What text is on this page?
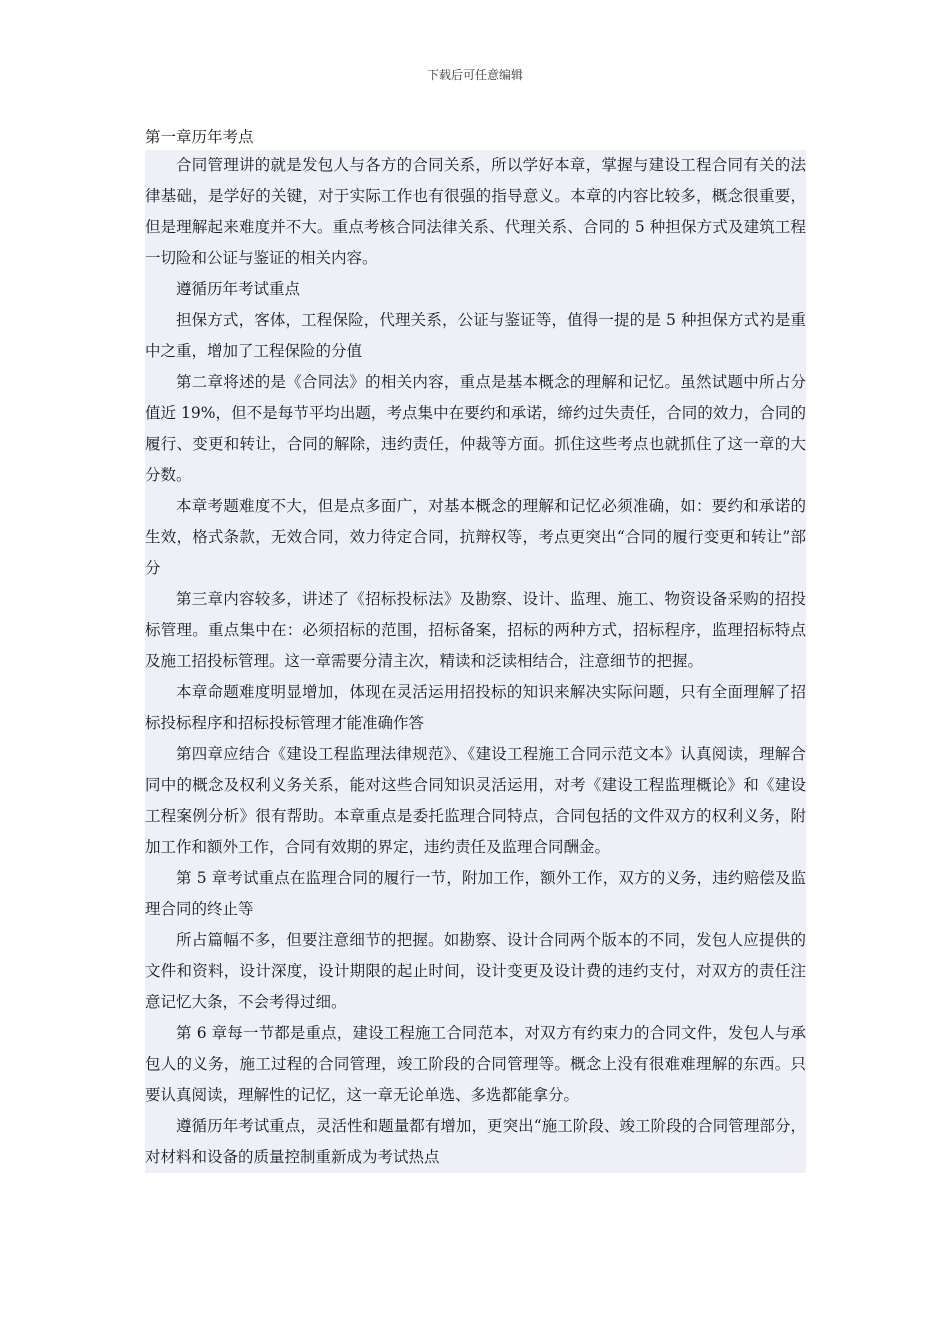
下载后可任意编辑
第一章历年考点

合同管理讲的就是发包人与各方的合同关系，所以学好本章，掌握与建设工程合同有关的法律基础，是学好的关键，对于实际工作也有很强的指导意义。本章的内容比较多，概念很重要，但是理解起来难度并不大。重点考核合同法律关系、代理关系、合同的 5 种担保方式及建筑工程一切险和公证与鉴证的相关内容。

遵循历年考试重点

担保方式，客体，工程保险，代理关系，公证与鉴证等，值得一提的是 5 种担保方式礿是重中之重，增加了工程保险的分值

第二章将述的是《合同法》的相关内容，重点是基本概念的理解和记忆。虽然试题中所占分值近 19%，但不是每节平均出题，考点集中在要约和承诺，缔约过失责任，合同的效力，合同的履行、变更和转让，合同的解除，违约责任，仲裁等方面。抓住这些考点也就抓住了这一章的大分数。

本章考题难度不大，但是点多面广，对基本概念的理解和记忆必须准确，如：要约和承诺的生效，格式条款，无效合同，效力待定合同，抗辩权等，考点更突出“合同的履行变更和转让”部分

第三章内容较多，讲述了《招标投标法》及勘察、设计、监理、施工、物资设备采购的招投标管理。重点集中在：必须招标的范围，招标备案，招标的两种方式，招标程序，监理招标特点及施工招投标管理。这一章需要分清主次，精读和泛读相结合，注意细节的把握。

本章命题难度明显增加，体现在灵活运用招投标的知识来解决实际问题，只有全面理解了招标投标程序和招标投标管理才能准确作答

第四章应结合《建设工程监理法律规范》、《建设工程施工合同示范文本》认真阅读，理解合同中的概念及权利义务关系，能对这些合同知识灵活运用，对考《建设工程监理概论》和《建设工程案例分析》很有帮助。本章重点是委托监理合同特点，合同包括的文件双方的权利义务，附加工作和额外工作，合同有效期的界定，违约责任及监理合同酬金。

第 5 章考试重点在监理合同的履行一节，附加工作，额外工作，双方的义务，违约赔偿及监理合同的终止等

所占篇幅不多，但要注意细节的把握。如勘察、设计合同两个版本的不同，发包人应提供的文件和资料，设计深度，设计期限的起止时间，设计变更及设计费的违约支付，对双方的责任注意记忆大条，不会考得过细。

第 6 章每一节都是重点，建设工程施工合同范本，对双方有约束力的合同文件，发包人与承包人的义务，施工过程的合同管理，竣工阶段的合同管理等。概念上没有很难难理解的东西。只要认真阅读，理解性的记忆，这一章无论单选、多选都能拿分。

遵循历年考试重点，灵活性和题量都有增加，更突出“施工阶段、竣工阶段的合同管理部分，对材料和设备的质量控制重新成为考试热点
